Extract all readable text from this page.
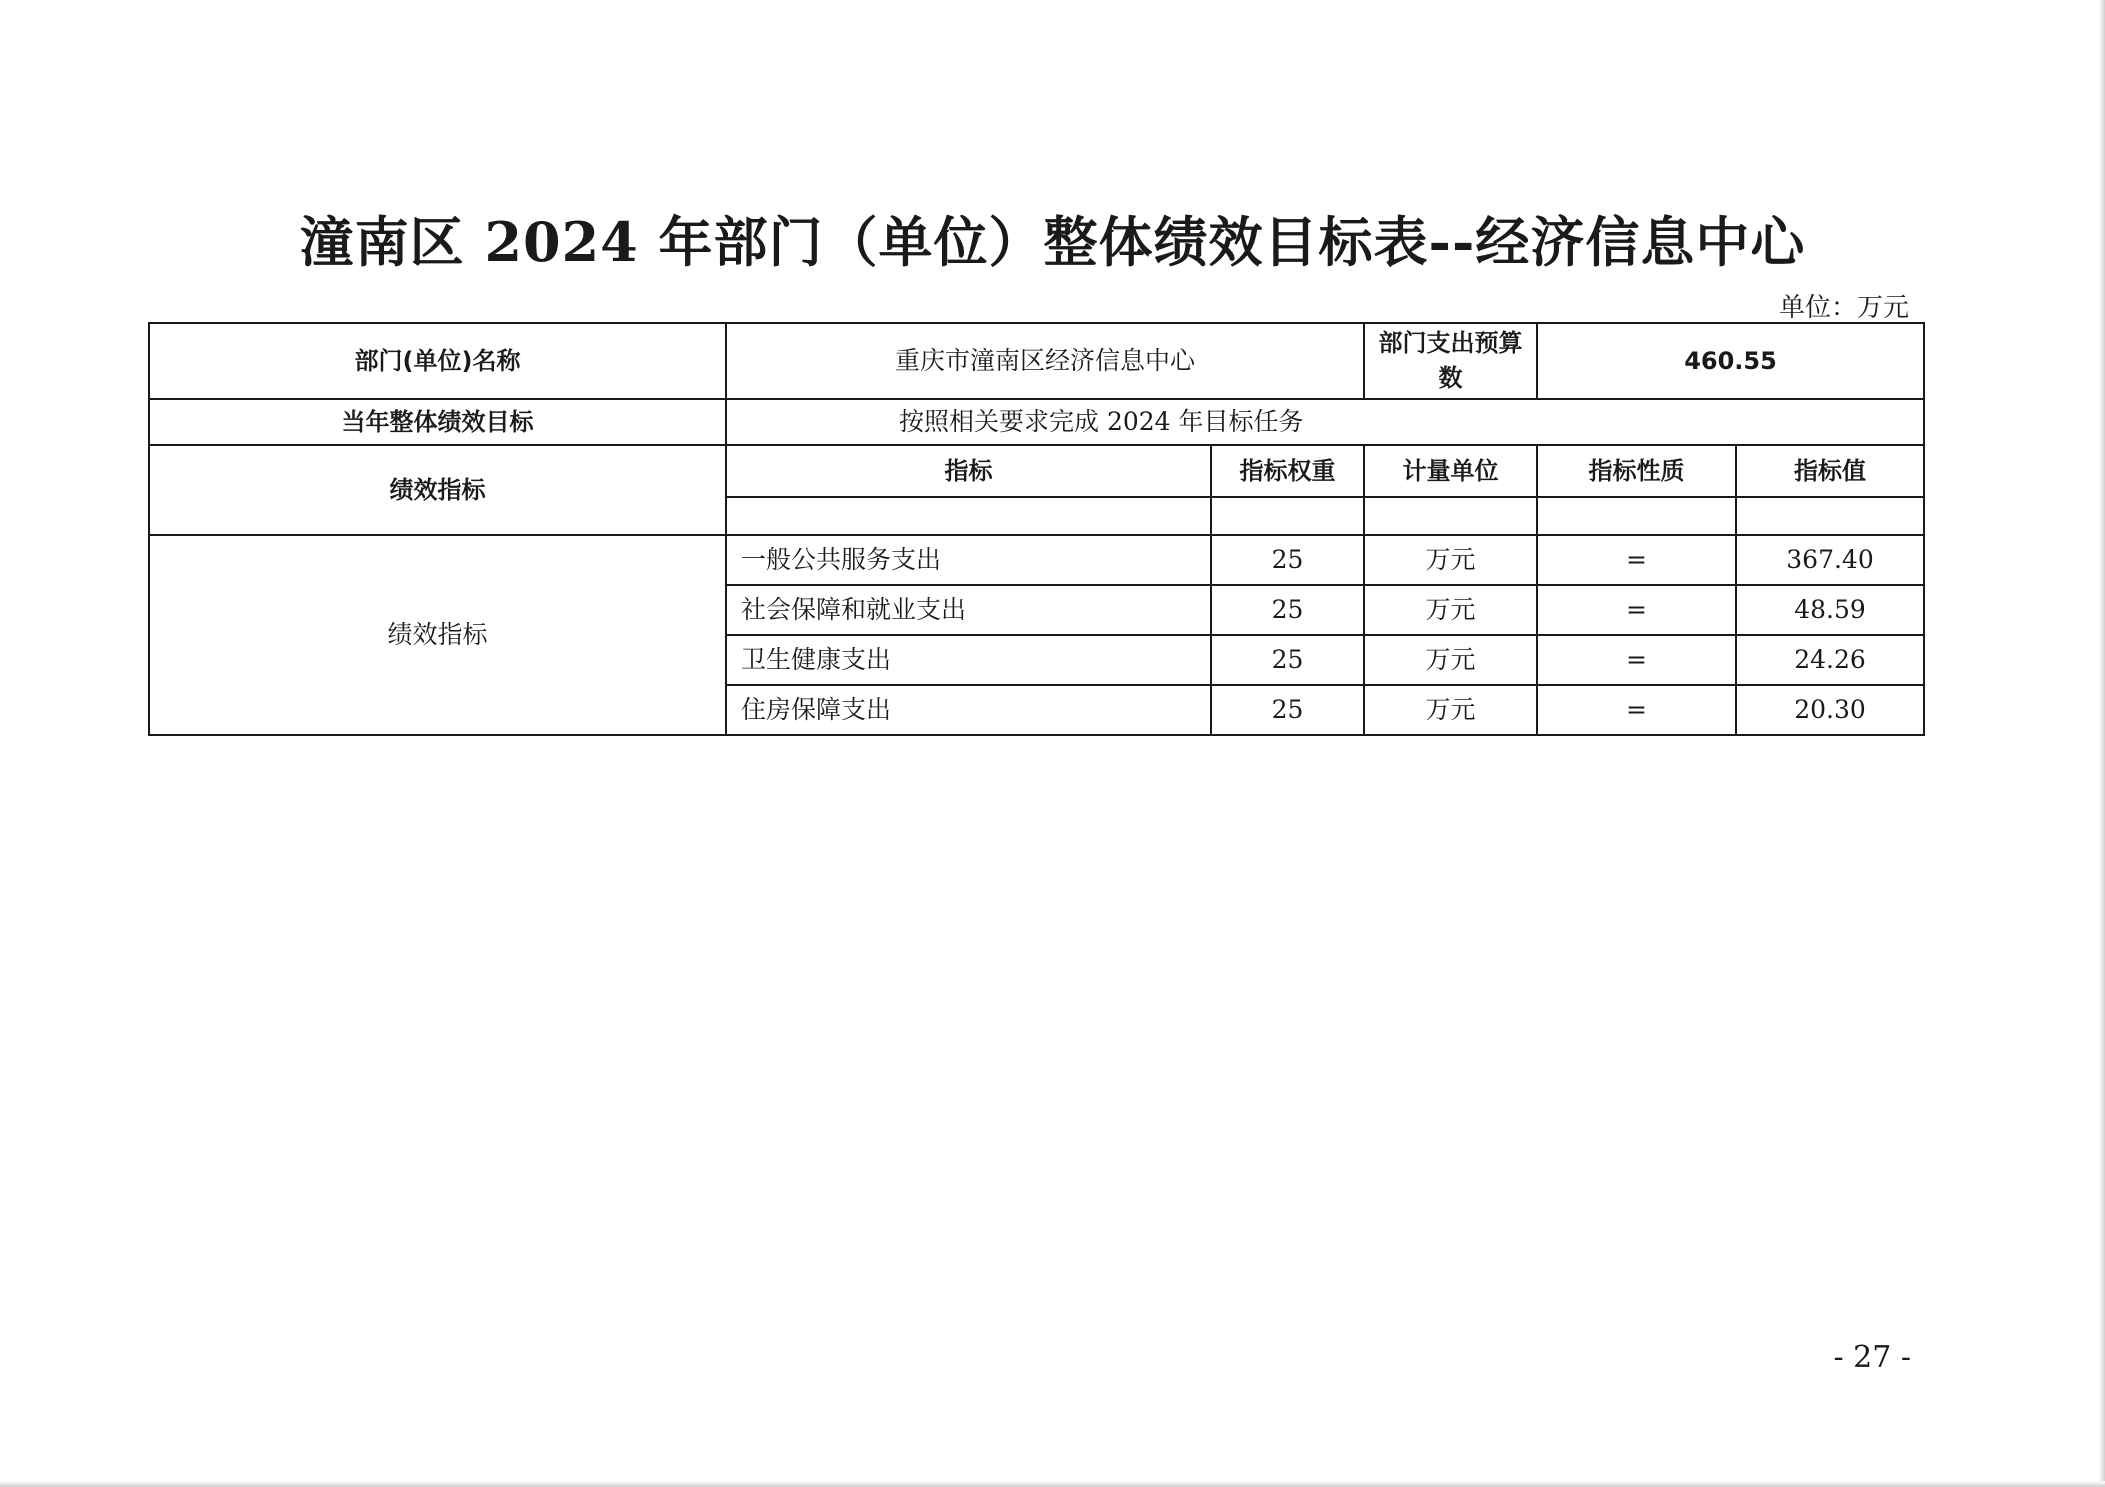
潼南区 2024 年部门（单位）整体绩效目标表--经济信息中心
单位：万元
部门(单位)名称	重庆市潼南区经济信息中心		部门支出预算数	460.55	
当年整体绩效目标	按照相关要求完成 2024 年目标任务				
绩效指标	指标	指标权重	计量单位	指标性质	指标值

绩效指标	一般公共服务支出	25	万元	=	367.40
	社会保障和就业支出	25	万元	=	48.59
	卫生健康支出	25	万元	=	24.26
	住房保障支出	25	万元	=	20.30
- 27 -
